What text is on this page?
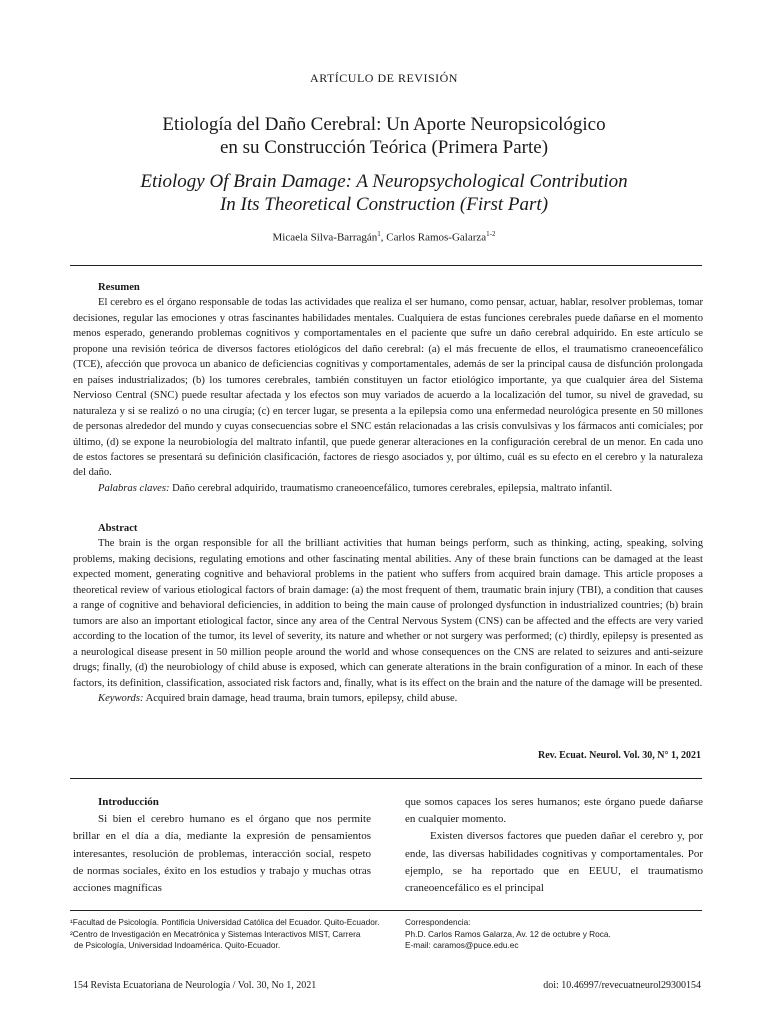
ARTÍCULO DE REVISIÓN
Etiología del Daño Cerebral: Un Aporte Neuropsicológico
en su Construcción Teórica (Primera Parte)
Etiology Of Brain Damage: A Neuropsychological Contribution
In Its Theoretical Construction (First Part)
Micaela Silva-Barragán$^1$, Carlos Ramos-Galarza$^{1-2}$
Resumen

El cerebro es el órgano responsable de todas las actividades que realiza el ser humano, como pensar, actuar, hablar, resolver problemas, tomar decisiones, regular las emociones y otras fascinantes habilidades mentales. Cualquiera de estas funciones cerebrales puede dañarse en el momento menos esperado, generando problemas cognitivos y comportamentales en el paciente que sufre un daño cerebral adquirido. En este artículo se propone una revisión teórica de diversos factores etiológicos del daño cerebral: (a) el más frecuente de ellos, el traumatismo craneoencefálico (TCE), afección que provoca un abanico de deficiencias cognitivas y comportamentales, además de ser la principal causa de disfunción prolongada en países industrializados; (b) los tumores cerebrales, también constituyen un factor etiológico importante, ya que cualquier área del Sistema Nervioso Central (SNC) puede resultar afectada y los efectos son muy variados de acuerdo a la localización del tumor, su nivel de gravedad, su naturaleza y si se realizó o no una cirugía; (c) en tercer lugar, se presenta a la epilepsia como una enfermedad neurológica presente en 50 millones de personas alrededor del mundo y cuyas consecuencias sobre el SNC están relacionadas a las crisis convulsivas y los fármacos anti comiciales; por último, (d) se expone la neurobiología del maltrato infantil, que puede generar alteraciones en la configuración cerebral de un menor. En cada uno de estos factores se presentará su definición clasificación, factores de riesgo asociados y, por último, cuál es su efecto en el cerebro y la naturaleza del daño.

Palabras claves: Daño cerebral adquirido, traumatismo craneoencefálico, tumores cerebrales, epilepsia, maltrato infantil.
Abstract

The brain is the organ responsible for all the brilliant activities that human beings perform, such as thinking, acting, speaking, solving problems, making decisions, regulating emotions and other fascinating mental abilities. Any of these brain functions can be damaged at the least expected moment, generating cognitive and behavioral problems in the patient who suffers from acquired brain damage. This article proposes a theoretical review of various etiological factors of brain damage: (a) the most frequent of them, traumatic brain injury (TBI), a condition that causes a range of cognitive and behavioral deficiencies, in addition to being the main cause of prolonged dysfunction in industrialized countries; (b) brain tumors are also an important etiological factor, since any area of the Central Nervous System (CNS) can be affected and the effects are very varied according to the location of the tumor, its level of severity, its nature and whether or not surgery was performed; (c) thirdly, epilepsy is presented as a neurological disease present in 50 million people around the world and whose consequences on the CNS are related to seizures and anti-seizure drugs; finally, (d) the neurobiology of child abuse is exposed, which can generate alterations in the brain configuration of a minor. In each of these factors, its definition, classification, associated risk factors and, finally, what is its effect on the brain and the nature of the damage will be presented.

Keywords: Acquired brain damage, head trauma, brain tumors, epilepsy, child abuse.
Rev. Ecuat. Neurol. Vol. 30, N° 1, 2021
Introducción

Si bien el cerebro humano es el órgano que nos permite brillar en el día a día, mediante la expresión de pensamientos interesantes, resolución de problemas, interacción social, respeto de normas sociales, éxito en los estudios y trabajo y muchas otras acciones magníficas

que somos capaces los seres humanos; este órgano puede dañarse en cualquier momento.

Existen diversos factores que pueden dañar el cerebro y, por ende, las diversas habilidades cognitivas y comportamentales. Por ejemplo, se ha reportado que en EEUU, el traumatismo craneoencefálico es el principal

¹Facultad de Psicología. Pontificia Universidad Católica del Ecuador. Quito-Ecuador.
²Centro de Investigación en Mecatrónica y Sistemas Interactivos MIST, Carrera
de Psicología, Universidad Indoamérica. Quito-Ecuador.
Correspondencia:
Ph.D. Carlos Ramos Galarza, Av. 12 de octubre y Roca.
E-mail: caramos@puce.edu.ec
154 Revista Ecuatoriana de Neurología / Vol. 30, No 1, 2021	doi: 10.46997/revecuatneurol29300154
